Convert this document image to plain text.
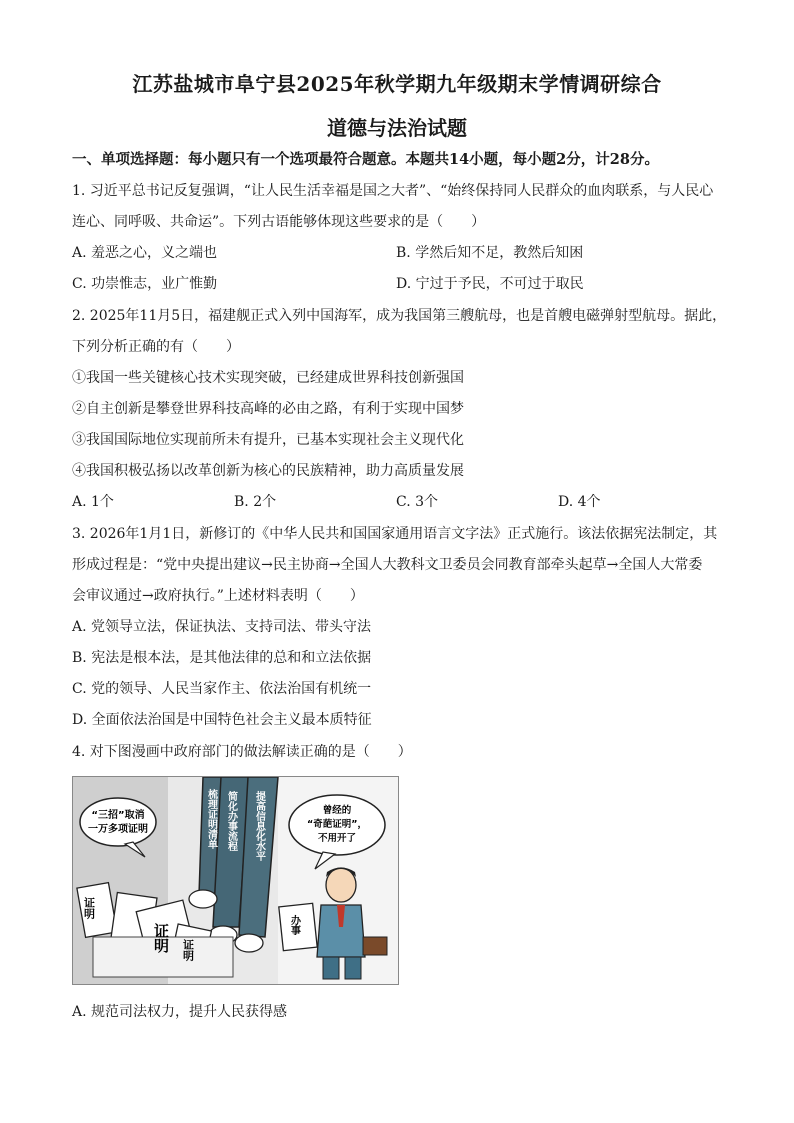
江苏盐城市阜宁县2025年秋学期九年级期末学情调研综合
道德与法治试题
一、单项选择题：每小题只有一个选项最符合题意。本题共14小题，每小题2分，计28分。
1. 习近平总书记反复强调，“让人民生活幸福是国之大者”、“始终保持同人民群众的血肉联系，与人民心
连心、同呼吸、共命运”。下列古语能够体现这些要求的是（　　）
A. 羞恶之心，义之端也	B. 学然后知不足，教然后知困
C. 功崇惟志，业广惟勤	D. 宁过于予民，不可过于取民
2. 2025年11月5日，福建舰正式入列中国海军，成为我国第三艘航母，也是首艘电磁弹射型航母。据此，
下列分析正确的有（　　）
①我国一些关键核心技术实现突破，已经建成世界科技创新强国
②自主创新是攀登世界科技高峰的必由之路，有利于实现中国梦
③我国国际地位实现前所未有提升，已基本实现社会主义现代化
④我国积极弘扬以改革创新为核心的民族精神，助力高质量发展
A. 1个	B. 2个	C. 3个	D. 4个
3. 2026年1月1日，新修订的《中华人民共和国国家通用语言文字法》正式施行。该法依据宪法制定，其
形成过程是：“党中央提出建议→民主协商→全国人大教科文卫委员会同教育部牵头起草→全国人大常委
会审议通过→政府执行。”上述材料表明（　　）
A. 党领导立法，保证执法、支持司法、带头守法
B. 宪法是根本法，是其他法律的总和和立法依据
C. 党的领导、人民当家作主、依法治国有机统一
D. 全面依法治国是中国特色社会主义最本质特征
4. 对下图漫画中政府部门的做法解读正确的是（　　）
“三招”取消
一万多项证明	梳理证明清单 简化办事流程 提高信息化水平
证明
证明 证明
曾经的
“奇葩证明”，
不用开了
办事
A. 规范司法权力，提升人民获得感
